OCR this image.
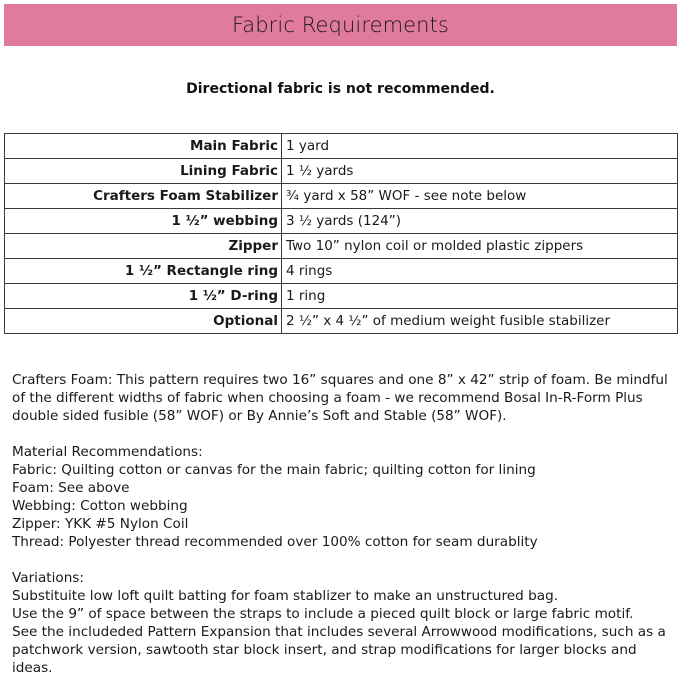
Fabric Requirements
Directional fabric is not recommended.
Main Fabric	1 yard
Lining Fabric	1 ½ yards
Crafters Foam Stabilizer	¾ yard x 58” WOF - see note below
1 ½” webbing	3 ½ yards (124”)
Zipper	Two 10” nylon coil or molded plastic zippers
1 ½” Rectangle ring	4 rings
1 ½” D-ring	1 ring
Optional	2 ½” x 4 ½” of medium weight fusible stabilizer

Crafters Foam: This pattern requires two 16” squares and one 8” x 42” strip of foam. Be mindful of the different widths of fabric when choosing a foam - we recommend Bosal In-R-Form Plus double sided fusible (58” WOF) or By Annie’s Soft and Stable (58” WOF).

Material Recommendations:

Fabric: Quilting cotton or canvas for the main fabric; quilting cotton for lining

Foam: See above

Webbing: Cotton webbing

Zipper: YKK #5 Nylon Coil

Thread: Polyester thread recommended over 100% cotton for seam durablity

Variations:

Substituite low loft quilt batting for foam stablizer to make an unstructured bag.

Use the 9” of space between the straps to include a pieced quilt block or large fabric motif.

See the includeded Pattern Expansion that includes several Arrowwood modifications, such as a patchwork version, sawtooth star block insert, and strap modifications for larger blocks and ideas.
